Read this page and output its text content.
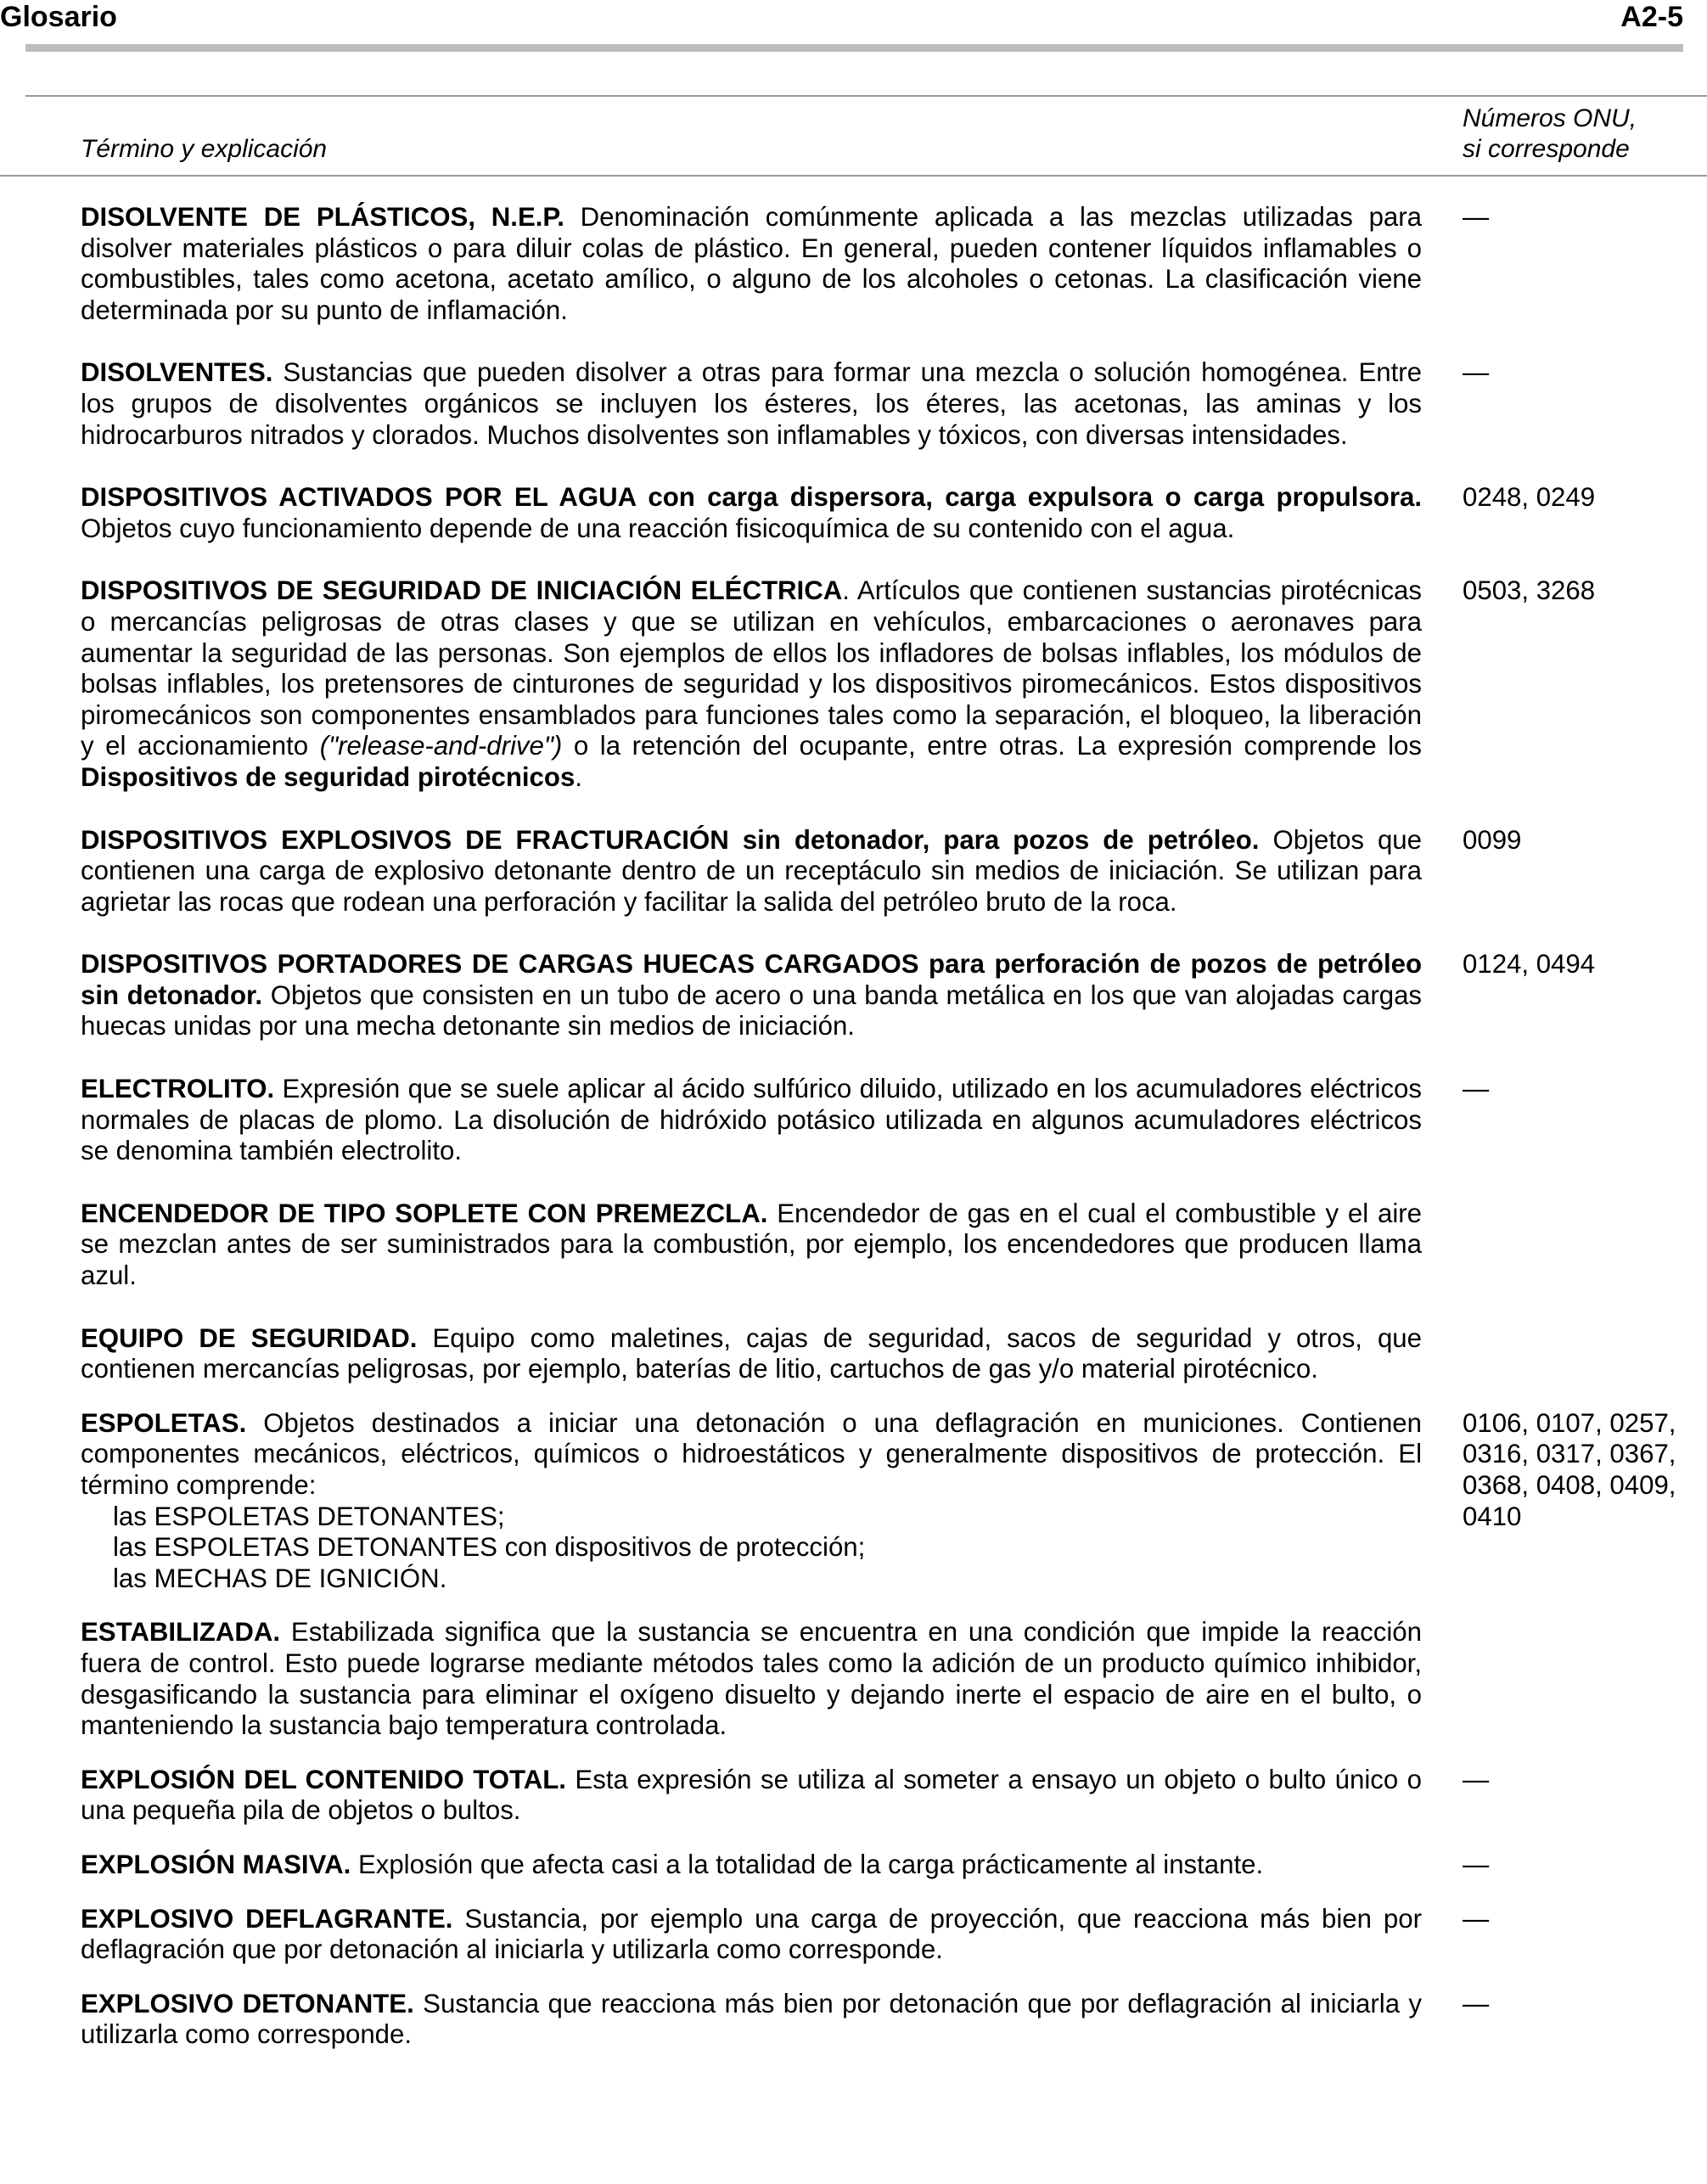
Glosario	A2-5
Término y explicación
Números ONU,
si corresponde
DISOLVENTE DE PLÁSTICOS, N.E.P. Denominación comúnmente aplicada a las mezclas utilizadas para disolver materiales plásticos o para diluir colas de plástico. En general, pueden contener líquidos inflamables o combustibles, tales como acetona, acetato amílico, o alguno de los alcoholes o cetonas. La clasificación viene determinada por su punto de inflamación.
—
DISOLVENTES. Sustancias que pueden disolver a otras para formar una mezcla o solución homogénea. Entre los grupos de disolventes orgánicos se incluyen los ésteres, los éteres, las acetonas, las aminas y los hidrocarburos nitrados y clorados. Muchos disolventes son inflamables y tóxicos, con diversas intensidades.
—
DISPOSITIVOS ACTIVADOS POR EL AGUA con carga dispersora, carga expulsora o carga propulsora. Objetos cuyo funcionamiento depende de una reacción fisicoquímica de su contenido con el agua.
0248, 0249
DISPOSITIVOS DE SEGURIDAD DE INICIACIÓN ELÉCTRICA. Artículos que contienen sustancias pirotécnicas o mercancías peligrosas de otras clases y que se utilizan en vehículos, embarcaciones o aeronaves para aumentar la seguridad de las personas. Son ejemplos de ellos los infladores de bolsas inflables, los módulos de bolsas inflables, los pretensores de cinturones de seguridad y los dispositivos piromecánicos. Estos dispositivos piromecánicos son componentes ensamblados para funciones tales como la separación, el bloqueo, la liberación y el accionamiento ("release-and-drive") o la retención del ocupante, entre otras. La expresión comprende los Dispositivos de seguridad pirotécnicos.
0503, 3268
DISPOSITIVOS EXPLOSIVOS DE FRACTURACIÓN sin detonador, para pozos de petróleo. Objetos que contienen una carga de explosivo detonante dentro de un receptáculo sin medios de iniciación. Se utilizan para agrietar las rocas que rodean una perforación y facilitar la salida del petróleo bruto de la roca.
0099
DISPOSITIVOS PORTADORES DE CARGAS HUECAS CARGADOS para perforación de pozos de petróleo sin detonador. Objetos que consisten en un tubo de acero o una banda metálica en los que van alojadas cargas huecas unidas por una mecha detonante sin medios de iniciación.
0124, 0494
ELECTROLITO. Expresión que se suele aplicar al ácido sulfúrico diluido, utilizado en los acumuladores eléctricos normales de placas de plomo. La disolución de hidróxido potásico utilizada en algunos acumuladores eléctricos se denomina también electrolito.
—
ENCENDEDOR DE TIPO SOPLETE CON PREMEZCLA. Encendedor de gas en el cual el combustible y el aire se mezclan antes de ser suministrados para la combustión, por ejemplo, los encendedores que producen llama azul.
EQUIPO DE SEGURIDAD. Equipo como maletines, cajas de seguridad, sacos de seguridad y otros, que contienen mercancías peligrosas, por ejemplo, baterías de litio, cartuchos de gas y/o material pirotécnico.
ESPOLETAS. Objetos destinados a iniciar una detonación o una deflagración en municiones. Contienen componentes mecánicos, eléctricos, químicos o hidroestáticos y generalmente dispositivos de protección. El término comprende:
las ESPOLETAS DETONANTES;
las ESPOLETAS DETONANTES con dispositivos de protección;
las MECHAS DE IGNICIÓN.
0106, 0107, 0257,
0316, 0317, 0367,
0368, 0408, 0409,
0410
ESTABILIZADA. Estabilizada significa que la sustancia se encuentra en una condición que impide la reacción fuera de control. Esto puede lograrse mediante métodos tales como la adición de un producto químico inhibidor, desgasificando la sustancia para eliminar el oxígeno disuelto y dejando inerte el espacio de aire en el bulto, o manteniendo la sustancia bajo temperatura controlada.
EXPLOSIÓN DEL CONTENIDO TOTAL. Esta expresión se utiliza al someter a ensayo un objeto o bulto único o una pequeña pila de objetos o bultos.
—
EXPLOSIÓN MASIVA. Explosión que afecta casi a la totalidad de la carga prácticamente al instante.	—
EXPLOSIVO DEFLAGRANTE. Sustancia, por ejemplo una carga de proyección, que reacciona más bien por deflagración que por detonación al iniciarla y utilizarla como corresponde.
—
EXPLOSIVO DETONANTE. Sustancia que reacciona más bien por detonación que por deflagración al iniciarla y utilizarla como corresponde.
—
